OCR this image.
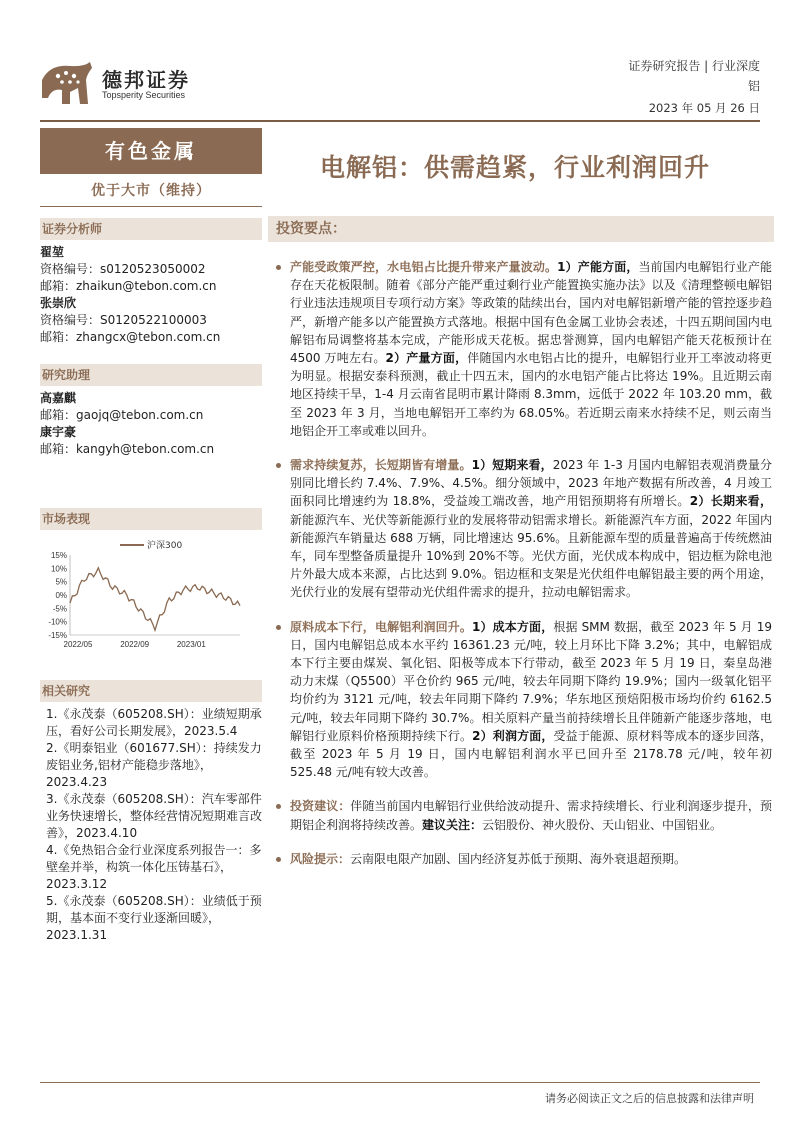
德邦证券
Topsperity Securities
证券研究报告 | 行业深度
铝
2023 年 05 月 26 日
有色金属
优于大市（维持）
证券分析师
翟堃
资格编号：s0120523050002
邮箱：zhaikun@tebon.com.cn
张崇欣
资格编号：S0120522100003
邮箱：zhangcx@tebon.com.cn
研究助理
高嘉麒
邮箱：gaojq@tebon.com.cn
康宇豪
邮箱：kangyh@tebon.com.cn
市场表现
15%
10%
5%
0%
-5%
-10%
-15%
2022/05	2022/09	2023/01
沪深300
相关研究
1.《永茂泰（605208.SH）：业绩短期承压，看好公司长期发展》，2023.5.4
2.《明泰铝业（601677.SH）：持续发力废铝业务,铝材产能稳步落地》，2023.4.23
3.《永茂泰（605208.SH）：汽车零部件业务快速增长，整体经营情况短期难言改善》，2023.4.10
4.《免热铝合金行业深度系列报告一：多壁垒并举，构筑一体化压铸基石》，2023.3.12
5.《永茂泰（605208.SH）：业绩低于预期，基本面不变行业逐渐回暖》，2023.1.31
电解铝：供需趋紧，行业利润回升
投资要点：
产能受政策严控，水电铝占比提升带来产量波动。1）产能方面，当前国内电解铝行业产能存在天花板限制。随着《部分产能严重过剩行业产能置换实施办法》以及《清理整顿电解铝行业违法违规项目专项行动方案》等政策的陆续出台，国内对电解铝新增产能的管控逐步趋严，新增产能多以产能置换方式落地。根据中国有色金属工业协会表述，十四五期间国内电解铝布局调整将基本完成，产能形成天花板。据忠誉测算，国内电解铝产能天花板预计在 4500 万吨左右。2）产量方面，伴随国内水电铝占比的提升，电解铝行业开工率波动将更为明显。根据安泰科预测，截止十四五末，国内的水电铝产能占比将达 19%。且近期云南地区持续干旱，1-4 月云南省昆明市累计降雨 8.3mm，远低于 2022 年 103.20 mm，截至 2023 年 3 月，当地电解铝开工率约为 68.05%。若近期云南来水持续不足，则云南当地铝企开工率或难以回升。
需求持续复苏，长短期皆有增量。1）短期来看，2023 年 1-3 月国内电解铝表观消费量分别同比增长约 7.4%、7.9%、4.5%。细分领域中，2023 年地产数据有所改善，4 月竣工面积同比增速约为 18.8%，受益竣工端改善，地产用铝预期将有所增长。2）长期来看，新能源汽车、光伏等新能源行业的发展将带动铝需求增长。新能源汽车方面，2022 年国内新能源汽车销量达 688 万辆，同比增速达 95.6%。且新能源车型的质量普遍高于传统燃油车，同车型整备质量提升 10%到 20%不等。光伏方面，光伏成本构成中，铝边框为除电池片外最大成本来源，占比达到 9.0%。铝边框和支架是光伏组件电解铝最主要的两个用途，光伏行业的发展有望带动光伏组件需求的提升，拉动电解铝需求。
原料成本下行，电解铝利润回升。1）成本方面，根据 SMM 数据，截至 2023 年 5 月 19 日，国内电解铝总成本水平约 16361.23 元/吨，较上月环比下降 3.2%；其中，电解铝成本下行主要由煤炭、氧化铝、阳极等成本下行带动，截至 2023 年 5 月 19 日，秦皇岛港动力末煤（Q5500）平仓价约 965 元/吨，较去年同期下降约 19.9%；国内一级氧化铝平均价约为 3121 元/吨，较去年同期下降约 7.9%；华东地区预焙阳极市场均价约 6162.5 元/吨，较去年同期下降约 30.7%。相关原料产量当前持续增长且伴随新产能逐步落地，电解铝行业原料价格预期持续下行。2）利润方面，受益于能源、原材料等成本的逐步回落，截至 2023 年 5 月 19 日，国内电解铝利润水平已回升至 2178.78 元/吨，较年初 525.48 元/吨有较大改善。
投资建议：伴随当前国内电解铝行业供给波动提升、需求持续增长、行业利润逐步提升，预期铝企利润将持续改善。建议关注：云铝股份、神火股份、天山铝业、中国铝业。
风险提示：云南限电限产加剧、国内经济复苏低于预期、海外衰退超预期。
请务必阅读正文之后的信息披露和法律声明
